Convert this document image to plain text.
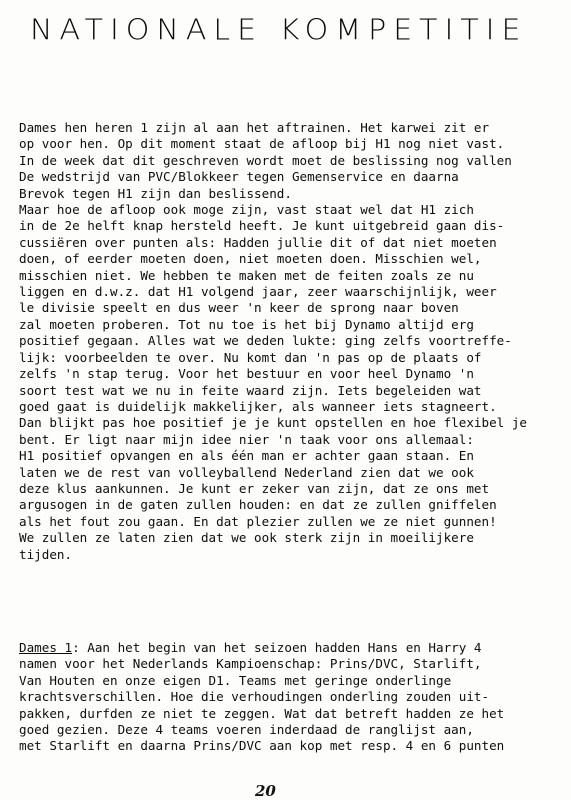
NATIONALE KOMPETITIE
Dames hen heren 1 zijn al aan het aftrainen. Het karwei zit er
op voor hen. Op dit moment staat de afloop bij H1 nog niet vast.
In de week dat dit geschreven wordt moet de beslissing nog vallen
De wedstrijd van PVC/Blokkeer tegen Gemenservice en daarna
Brevok tegen H1 zijn dan beslissend.
Maar hoe de afloop ook moge zijn, vast staat wel dat H1 zich
in de 2e helft knap hersteld heeft. Je kunt uitgebreid gaan dis-
cussiëren over punten als: Hadden jullie dit of dat niet moeten
doen, of eerder moeten doen, niet moeten doen. Misschien wel,
misschien niet. We hebben te maken met de feiten zoals ze nu
liggen en d.w.z. dat H1 volgend jaar, zeer waarschijnlijk, weer
le divisie speelt en dus weer 'n keer de sprong naar boven
zal moeten proberen. Tot nu toe is het bij Dynamo altijd erg
positief gegaan. Alles wat we deden lukte: ging zelfs voortreffe-
lijk: voorbeelden te over. Nu komt dan 'n pas op de plaats of
zelfs 'n stap terug. Voor het bestuur en voor heel Dynamo 'n
soort test wat we nu in feite waard zijn. Iets begeleiden wat
goed gaat is duidelijk makkelijker, als wanneer iets stagneert.
Dan blijkt pas hoe positief je je kunt opstellen en hoe flexibel je
bent. Er ligt naar mijn idee nier 'n taak voor ons allemaal:
H1 positief opvangen en als één man er achter gaan staan. En
laten we de rest van volleyballend Nederland zien dat we ook
deze klus aankunnen. Je kunt er zeker van zijn, dat ze ons met
argusogen in de gaten zullen houden: en dat ze zullen gniffelen
als het fout zou gaan. En dat plezier zullen we ze niet gunnen!
We zullen ze laten zien dat we ook sterk zijn in moeilijkere
tijden.
Dames 1: Aan het begin van het seizoen hadden Hans en Harry 4
namen voor het Nederlands Kampioenschap: Prins/DVC, Starlift,
Van Houten en onze eigen D1. Teams met geringe onderlinge
krachtsverschillen. Hoe die verhoudingen onderling zouden uit-
pakken, durfden ze niet te zeggen. Wat dat betreft hadden ze het
goed gezien. Deze 4 teams voeren inderdaad de ranglijst aan,
met Starlift en daarna Prins/DVC aan kop met resp. 4 en 6 punten
20
